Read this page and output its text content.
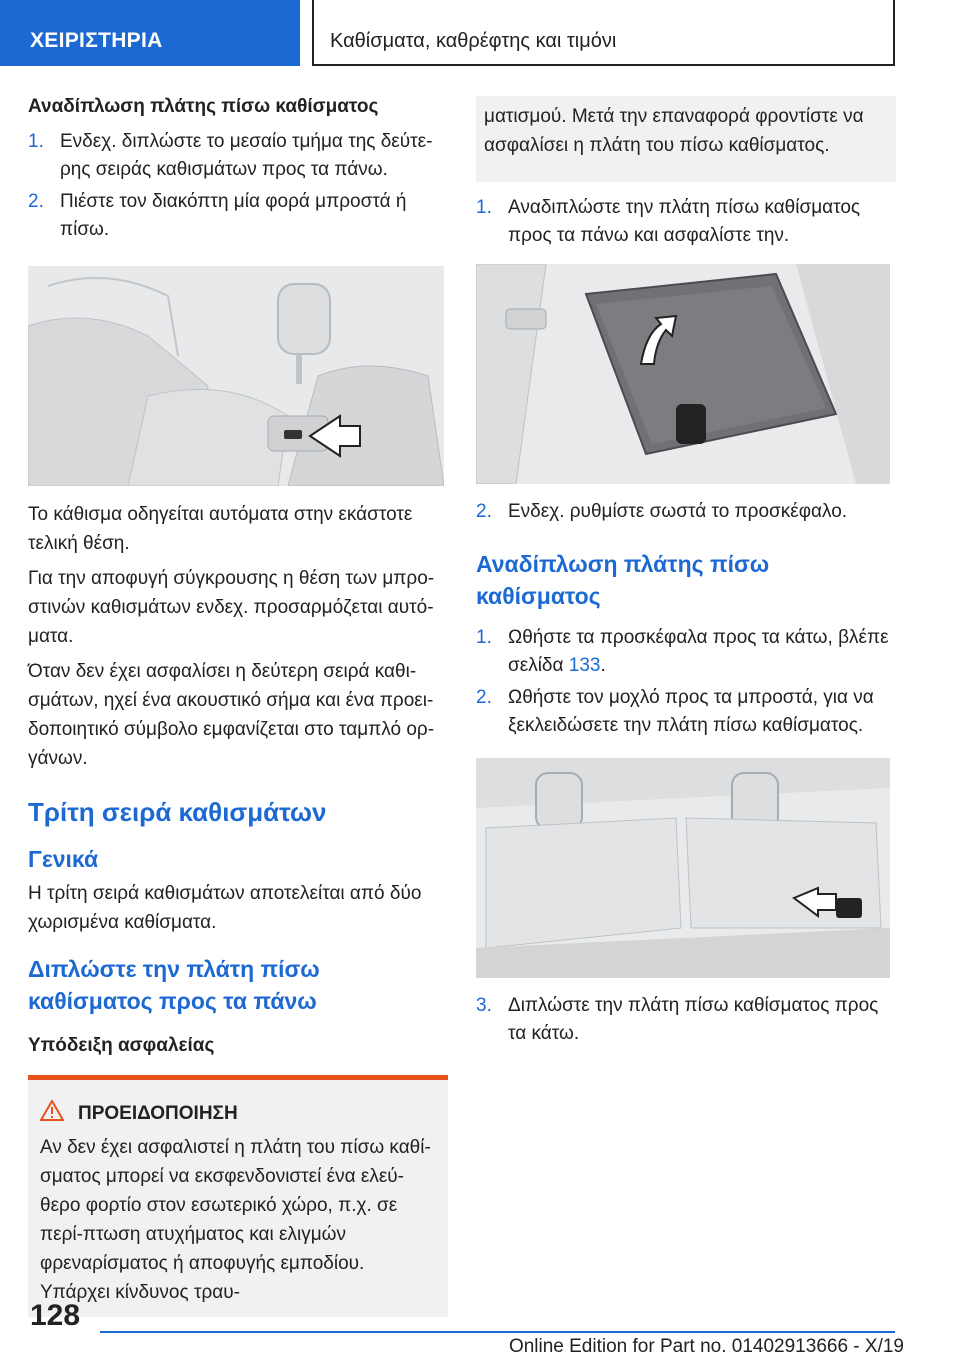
ΧΕΙΡΙΣΤΗΡΙΑ	Καθίσματα, καθρέφτης και τιμόνι
Αναδίπλωση πλάτης πίσω καθίσματος
1. Ενδεχ. διπλώστε το μεσαίο τμήμα της δεύτε-ρης σειράς καθισμάτων προς τα πάνω.
2. Πιέστε τον διακόπτη μία φορά μπροστά ή πίσω.
Το κάθισμα οδηγείται αυτόματα στην εκάστοτε τελική θέση.
Για την αποφυγή σύγκρουσης η θέση των μπρο-στινών καθισμάτων ενδεχ. προσαρμόζεται αυτό-ματα.
Όταν δεν έχει ασφαλίσει η δεύτερη σειρά καθι-σμάτων, ηχεί ένα ακουστικό σήμα και ένα προει-δοποιητικό σύμβολο εμφανίζεται στο ταμπλό ορ-γάνων.
Τρίτη σειρά καθισμάτων
Γενικά
Η τρίτη σειρά καθισμάτων αποτελείται από δύο χωρισμένα καθίσματα.
Διπλώστε την πλάτη πίσω καθίσματος προς τα πάνω
Υπόδειξη ασφαλείας
ΠΡΟΕΙΔΟΠΟΙΗΣΗ
Αν δεν έχει ασφαλιστεί η πλάτη του πίσω καθί-σματος μπορεί να εκσφενδονιστεί ένα ελεύ-θερο φορτίο στον εσωτερικό χώρο, π.χ. σε περί-πτωση ατυχήματος και ελιγμών φρεναρίσματος ή αποφυγής εμποδίου. Υπάρχει κίνδυνος τραυ-
ματισμού. Μετά την επαναφορά φροντίστε να ασφαλίσει η πλάτη του πίσω καθίσματος.
1. Αναδιπλώστε την πλάτη πίσω καθίσματος προς τα πάνω και ασφαλίστε την.
2. Ενδεχ. ρυθμίστε σωστά το προσκέφαλο.
Αναδίπλωση πλάτης πίσω καθίσματος
1. Ωθήστε τα προσκέφαλα προς τα κάτω, βλέπε σελίδα 133.
2. Ωθήστε τον μοχλό προς τα μπροστά, για να ξεκλειδώσετε την πλάτη πίσω καθίσματος.
3. Διπλώστε την πλάτη πίσω καθίσματος προς τα κάτω.
128
Online Edition for Part no. 01402913666 - X/19
